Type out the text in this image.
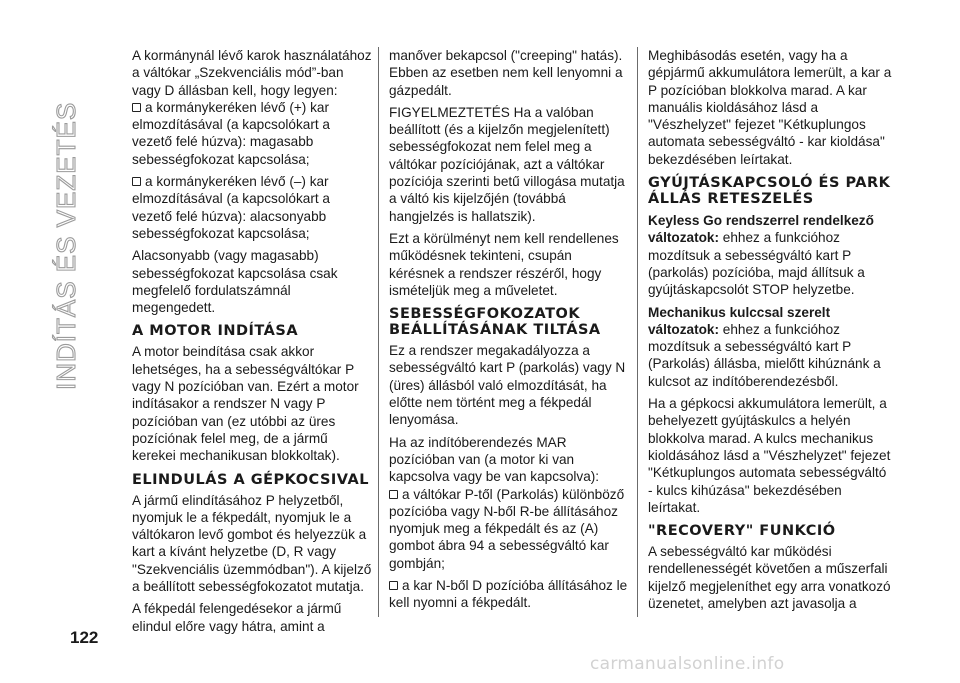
INDÍTÁS ÉS VEZETÉS

A kormánynál lévő karok használatához a váltókar „Szekvenciális mód”-ban vagy D állásban kell, hogy legyen:

a kormánykeréken lévő (+) kar elmozdításával (a kapcsolókart a vezető felé húzva): magasabb sebességfokozat kapcsolása;

a kormánykeréken lévő (–) kar elmozdításával (a kapcsolókart a vezető felé húzva): alacsonyabb sebességfokozat kapcsolása;

Alacsonyabb (vagy magasabb) sebességfokozat kapcsolása csak megfelelő fordulatszámnál megengedett.

A MOTOR INDÍTÁSA

A motor beindítása csak akkor lehetséges, ha a sebességváltókar P vagy N pozícióban van. Ezért a motor indításakor a rendszer N vagy P pozícióban van (ez utóbbi az üres pozíciónak felel meg, de a jármű kerekei mechanikusan blokkoltak).

ELINDULÁS A GÉPKOCSIVAL

A jármű elindításához P helyzetből, nyomjuk le a fékpedált, nyomjuk le a váltókaron levő gombot és helyezzük a kart a kívánt helyzetbe (D, R vagy "Szekvenciális üzemmódban"). A kijelző a beállított sebességfokozatot mutatja.

A fékpedál felengedésekor a jármű elindul előre vagy hátra, amint a

manőver bekapcsol ("creeping" hatás). Ebben az esetben nem kell lenyomni a gázpedált.

FIGYELMEZTETÉS Ha a valóban beállított (és a kijelzőn megjelenített) sebességfokozat nem felel meg a váltókar pozíciójának, azt a váltókar pozíciója szerinti betű villogása mutatja a váltó kis kijelzőjén (továbbá hangjelzés is hallatszik).

Ezt a körülményt nem kell rendellenes működésnek tekinteni, csupán kérésnek a rendszer részéről, hogy ismételjük meg a műveletet.

SEBESSÉGFOKOZATOK BEÁLLÍTÁSÁNAK TILTÁSA

Ez a rendszer megakadályozza a sebességváltó kart P (parkolás) vagy N (üres) állásból való elmozdítását, ha előtte nem történt meg a fékpedál lenyomása.

Ha az indítóberendezés MAR pozícióban van (a motor ki van kapcsolva vagy be van kapcsolva):

a váltókar P-től (Parkolás) különböző pozícióba vagy N-ből R-be állításához nyomjuk meg a fékpedált és az (A) gombot ábra 94 a sebességváltó kar gombján;

a kar N-ből D pozícióba állításához le kell nyomni a fékpedált.

Meghibásodás esetén, vagy ha a gépjármű akkumulátora lemerült, a kar a P pozícióban blokkolva marad. A kar manuális kioldásához lásd a "Vészhelyzet" fejezet "Kétkuplungos automata sebességváltó - kar kioldása" bekezdésében leírtakat.

GYÚJTÁSKAPCSOLÓ ÉS PARK ÁLLÁS RETESZELÉS

Keyless Go rendszerrel rendelkező változatok: ehhez a funkcióhoz mozdítsuk a sebességváltó kart P (parkolás) pozícióba, majd állítsuk a gyújtáskapcsolót STOP helyzetbe.

Mechanikus kulccsal szerelt változatok: ehhez a funkcióhoz mozdítsuk a sebességváltó kart P (Parkolás) állásba, mielőtt kihúznánk a kulcsot az indítóberendezésből.

Ha a gépkocsi akkumulátora lemerült, a behelyezett gyújtáskulcs a helyén blokkolva marad. A kulcs mechanikus kioldásához lásd a "Vészhelyzet" fejezet "Kétkuplungos automata sebességváltó - kulcs kihúzása" bekezdésében leírtakat.

"RECOVERY" FUNKCIÓ

A sebességváltó kar működési rendellenességét követően a műszerfali kijelző megjeleníthet egy arra vonatkozó üzenetet, amelyben azt javasolja a

122
carmanualsonline.info
